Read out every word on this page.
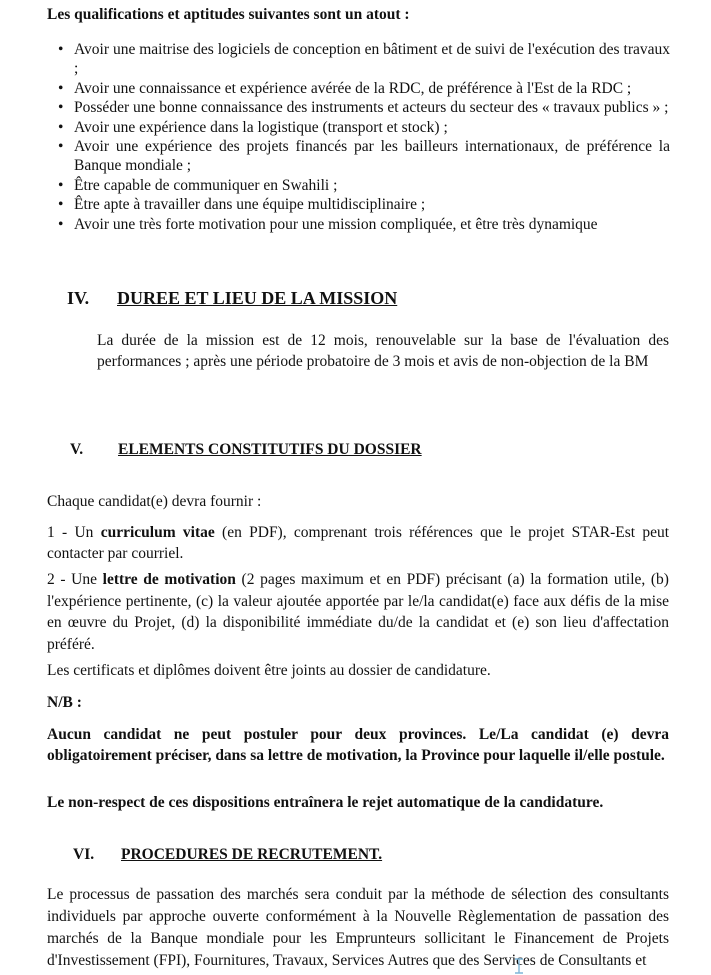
Les qualifications et aptitudes suivantes sont un atout :
• Avoir une maitrise des logiciels de conception en bâtiment et de suivi de l'exécution des travaux ;
• Avoir une connaissance et expérience avérée de la RDC, de préférence à l'Est de la RDC ;
• Posséder une bonne connaissance des instruments et acteurs du secteur des « travaux publics » ;
• Avoir une expérience dans la logistique (transport et stock) ;
• Avoir une expérience des projets financés par les bailleurs internationaux, de préférence la Banque mondiale ;
• Être capable de communiquer en Swahili ;
• Être apte à travailler dans une équipe multidisciplinaire ;
• Avoir une très forte motivation pour une mission compliquée, et être très dynamique
IV. DUREE ET LIEU DE LA MISSION

La durée de la mission est de 12 mois, renouvelable sur la base de l'évaluation des performances ; après une période probatoire de 3 mois et avis de non-objection de la BM

V. ELEMENTS CONSTITUTIFS DU DOSSIER

Chaque candidat(e) devra fournir :

1 - Un curriculum vitae (en PDF), comprenant trois références que le projet STAR-Est peut contacter par courriel.

2 - Une lettre de motivation (2 pages maximum et en PDF) précisant (a) la formation utile, (b) l'expérience pertinente, (c) la valeur ajoutée apportée par le/la candidat(e) face aux défis de la mise en œuvre du Projet, (d) la disponibilité immédiate du/de la candidat et (e) son lieu d'affectation préféré.

Les certificats et diplômes doivent être joints au dossier de candidature.

N/B :

Aucun candidat ne peut postuler pour deux provinces. Le/La candidat (e) devra obligatoirement préciser, dans sa lettre de motivation, la Province pour laquelle il/elle postule.

Le non-respect de ces dispositions entraînera le rejet automatique de la candidature.

VI. PROCEDURES DE RECRUTEMENT.

Le processus de passation des marchés sera conduit par la méthode de sélection des consultants individuels par approche ouverte conformément à la Nouvelle Règlementation de passation des marchés de la Banque mondiale pour les Emprunteurs sollicitant le Financement de Projets d'Investissement (FPI), Fournitures, Travaux, Services Autres que des Services de Consultants et
